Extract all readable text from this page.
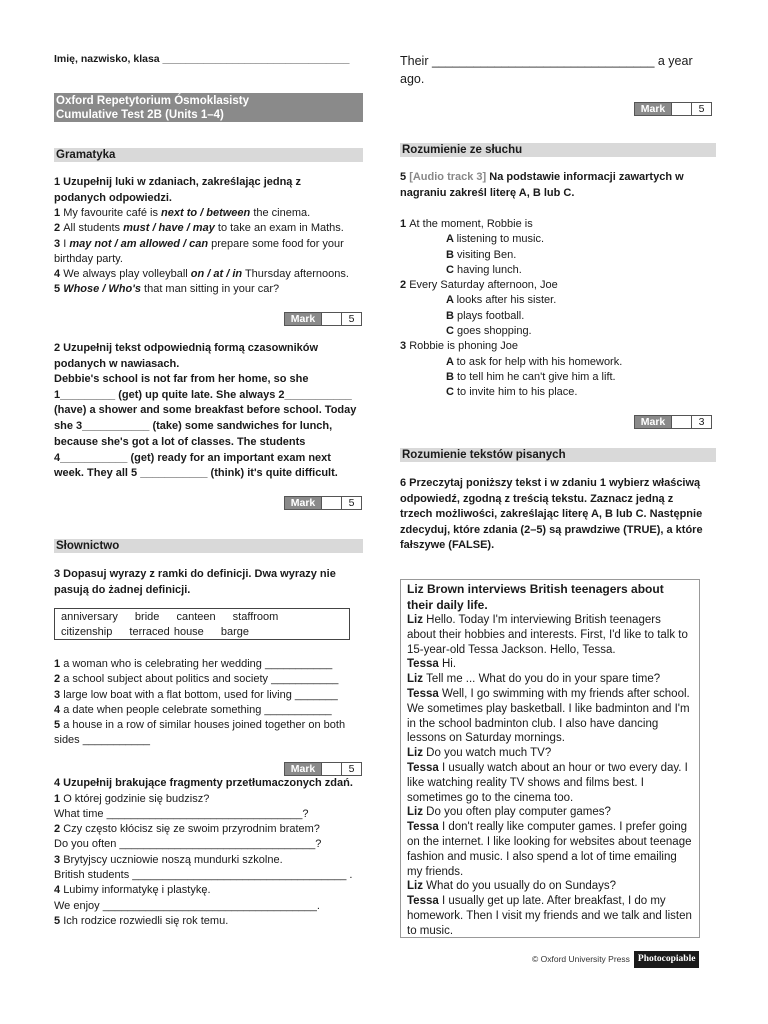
Imię, nazwisko, klasa ________________________________

Oxford Repetytorium Ósmoklasisty
Cumulative Test 2B (Units 1–4)
Gramatyka

1 Uzupełnij luki w zdaniach, zakreślając jedną z podanych odpowiedzi.

1 My favourite café is next to / between the cinema.

2 All students must / have / may to take an exam in Maths.

3 I may not / am allowed / can prepare some food for your birthday party.

4 We always play volleyball on / at / in Thursday afternoons.

5 Whose / Who's that man sitting in your car?

Mark	5

2 Uzupełnij tekst odpowiednią formą czasowników podanych w nawiasach.

Debbie's school is not far from her home, so she 1_________ (get) up quite late. She always 2___________ (have) a shower and some breakfast before school. Today she 3___________ (take) some sandwiches for lunch, because she's got a lot of classes. The students 4___________ (get) ready for an important exam next week. They all 5 ___________ (think) it's quite difficult.

Mark	5
Słownictwo

3 Dopasuj wyrazy z ramki do definicji. Dwa wyrazy nie pasują do żadnej definicji.

anniversary bride canteen staffroom citizenship terraced house barge

1 a woman who is celebrating her wedding ___________

2 a school subject about politics and society ___________

3 large low boat with a flat bottom, used for living _______

4 a date when people celebrate something ___________

5 a house in a row of similar houses joined together on both sides ___________

Mark	5

4 Uzupełnij brakujące fragmenty przetłumaczonych zdań.

1 O której godzinie się budzisz?

What time ________________________________?

2 Czy często kłócisz się ze swoim przyrodnim bratem?

Do you often ________________________________?

3 Brytyjscy uczniowie noszą mundurki szkolne.

British students ___________________________________ .

4 Lubimy informatykę i plastykę.

We enjoy ___________________________________.

5 Ich rodzice rozwiedli się rok temu.

Their ________________________________ a year ago.

Mark	5
Rozumienie ze słuchu

5 [Audio track 3] Na podstawie informacji zawartych w nagraniu zakreśl literę A, B lub C.

1 At the moment, Robbie is

A listening to music.

B visiting Ben.

C having lunch.

2 Every Saturday afternoon, Joe

A looks after his sister.

B plays football.

C goes shopping.

3 Robbie is phoning Joe

A to ask for help with his homework.

B to tell him he can't give him a lift.

C to invite him to his place.

Mark	3
Rozumienie tekstów pisanych

6 Przeczytaj poniższy tekst i w zdaniu 1 wybierz właściwą odpowiedź, zgodną z treścią tekstu. Zaznacz jedną z trzech możliwości, zakreślając literę A, B lub C. Następnie zdecyduj, które zdania (2–5) są prawdziwe (TRUE), a które fałszywe (FALSE).

Liz Brown interviews British teenagers about their daily life.

Liz Hello. Today I'm interviewing British teenagers about their hobbies and interests. First, I'd like to talk to 15-year-old Tessa Jackson. Hello, Tessa.

Tessa Hi.

Liz Tell me ... What do you do in your spare time?

Tessa Well, I go swimming with my friends after school. We sometimes play basketball. I like badminton and I'm in the school badminton club. I also have dancing lessons on Saturday mornings.

Liz Do you watch much TV?

Tessa I usually watch about an hour or two every day. I like watching reality TV shows and films best. I sometimes go to the cinema too.

Liz Do you often play computer games?

Tessa I don't really like computer games. I prefer going on the internet. I like looking for websites about teenage fashion and music. I also spend a lot of time emailing my friends.

Liz What do you usually do on Sundays?

Tessa I usually get up late. After breakfast, I do my homework. Then I visit my friends and we talk and listen to music.

© Oxford University Press Photocopiable
